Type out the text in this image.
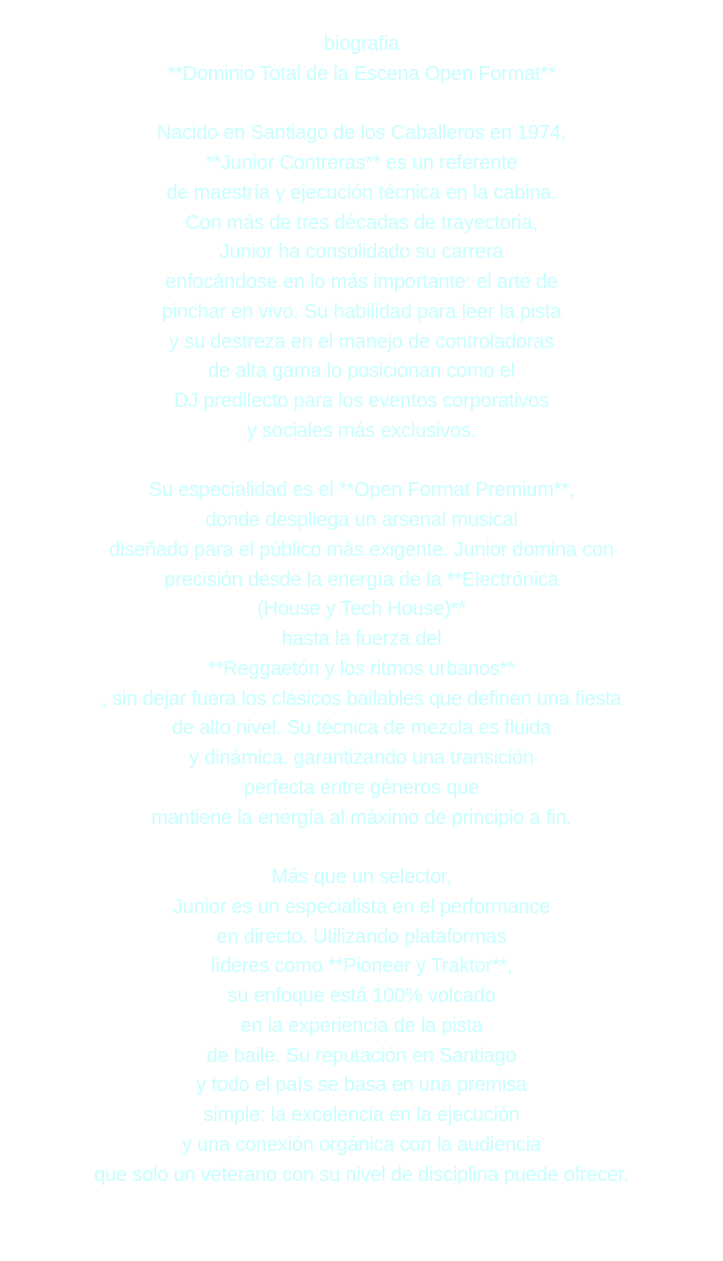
biografia
**Dominio Total de la Escena Open Format**
Nacido en Santiago de los Caballeros en 1974,
**Junior Contreras** es un referente
de maestría y ejecución técnica en la cabina.
Con más de tres décadas de trayectoria,
Junior ha consolidado su carrera
enfocándose en lo más importante: el arte de
pinchar en vivo. Su habilidad para leer la pista
y su destreza en el manejo de controladoras
de alta gama lo posicionan como el
DJ predilecto para los eventos corporativos
y sociales más exclusivos.
Su especialidad es el **Open Format Premium**,
donde despliega un arsenal musical
diseñado para el público más exigente. Junior domina con
precisión desde la energía de la **Electrónica
(House y Tech House)**
hasta la fuerza del
**Reggaetón y los ritmos urbanos**
, sin dejar fuera los clásicos bailables que definen una fiesta
de alto nivel. Su técnica de mezcla es fluida
y dinámica, garantizando una transición
perfecta entre géneros que
mantiene la energía al máximo de principio a fin.
Más que un selector,
Junior es un especialista en el performance
en directo. Utilizando plataformas
líderes como **Pioneer y Traktor**,
su enfoque está 100% volcado
en la experiencia de la pista
de baile. Su reputación en Santiago
y todo el país se basa en una premisa
simple: la excelencia en la ejecución
y una conexión orgánica con la audiencia
que solo un veterano con su nivel de disciplina puede ofrecer.
